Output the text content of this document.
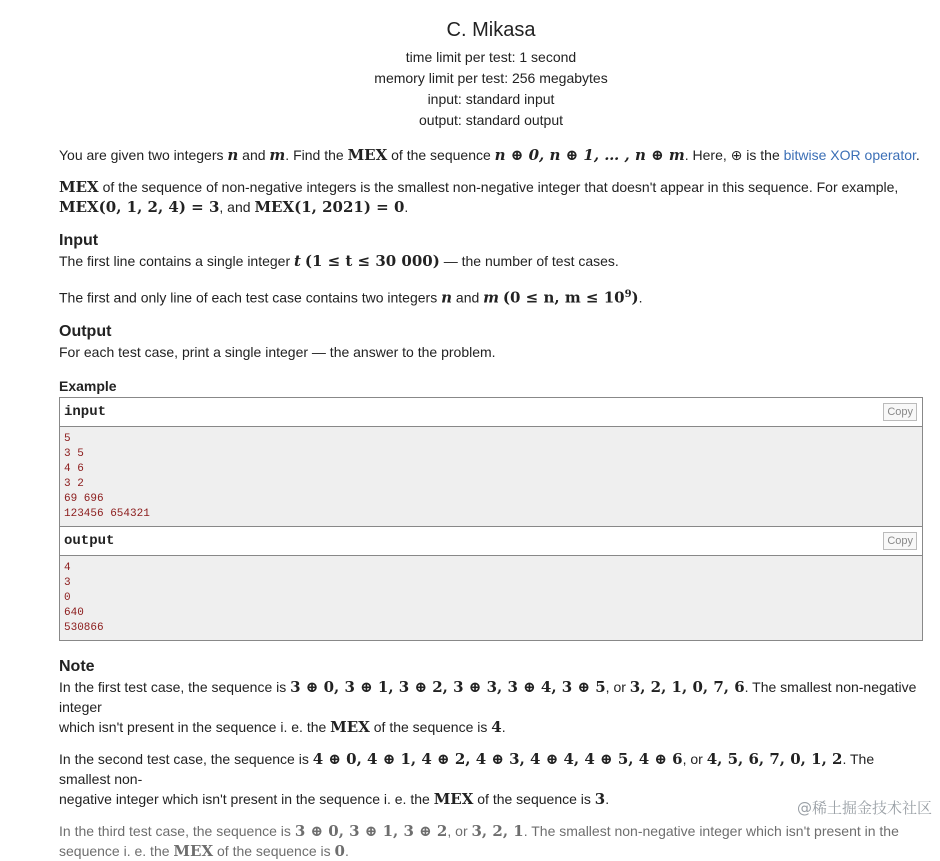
C. Mikasa
time limit per test: 1 second
memory limit per test: 256 megabytes
input: standard input
output: standard output

You are given two integers n and m. Find the MEX of the sequence n ⊕ 0, n ⊕ 1, … , n ⊕ m. Here, ⊕ is the bitwise XOR operator.

MEX of the sequence of non-negative integers is the smallest non-negative integer that doesn't appear in this sequence. For example,
MEX(0, 1, 2, 4) = 3, and MEX(1, 2021) = 0.

Input

The first line contains a single integer t (1 ≤ t ≤ 30 000) — the number of test cases.

The first and only line of each test case contains two integers n and m (0 ≤ n, $m \le 10^9$).

Output

For each test case, print a single integer — the answer to the problem.

Example
input	Copy
5
3 5
4 6
3 2
69 696
123456 654321
output	Copy
4
3
0
640
530866
Note

In the first test case, the sequence is 3 ⊕ 0, 3 ⊕ 1, 3 ⊕ 2, 3 ⊕ 3, 3 ⊕ 4, 3 ⊕ 5, or 3, 2, 1, 0, 7, 6. The smallest non-negative integer
which isn't present in the sequence i. e. the MEX of the sequence is 4.

In the second test case, the sequence is 4 ⊕ 0, 4 ⊕ 1, 4 ⊕ 2, 4 ⊕ 3, 4 ⊕ 4, 4 ⊕ 5, 4 ⊕ 6, or 4, 5, 6, 7, 0, 1, 2. The smallest non-
negative integer which isn't present in the sequence i. e. the MEX of the sequence is 3.

In the third test case, the sequence is 3 ⊕ 0, 3 ⊕ 1, 3 ⊕ 2, or 3, 2, 1. The smallest non-negative integer which isn't present in the
sequence i. e. the MEX of the sequence is 0.

@稀土掘金技术社区
